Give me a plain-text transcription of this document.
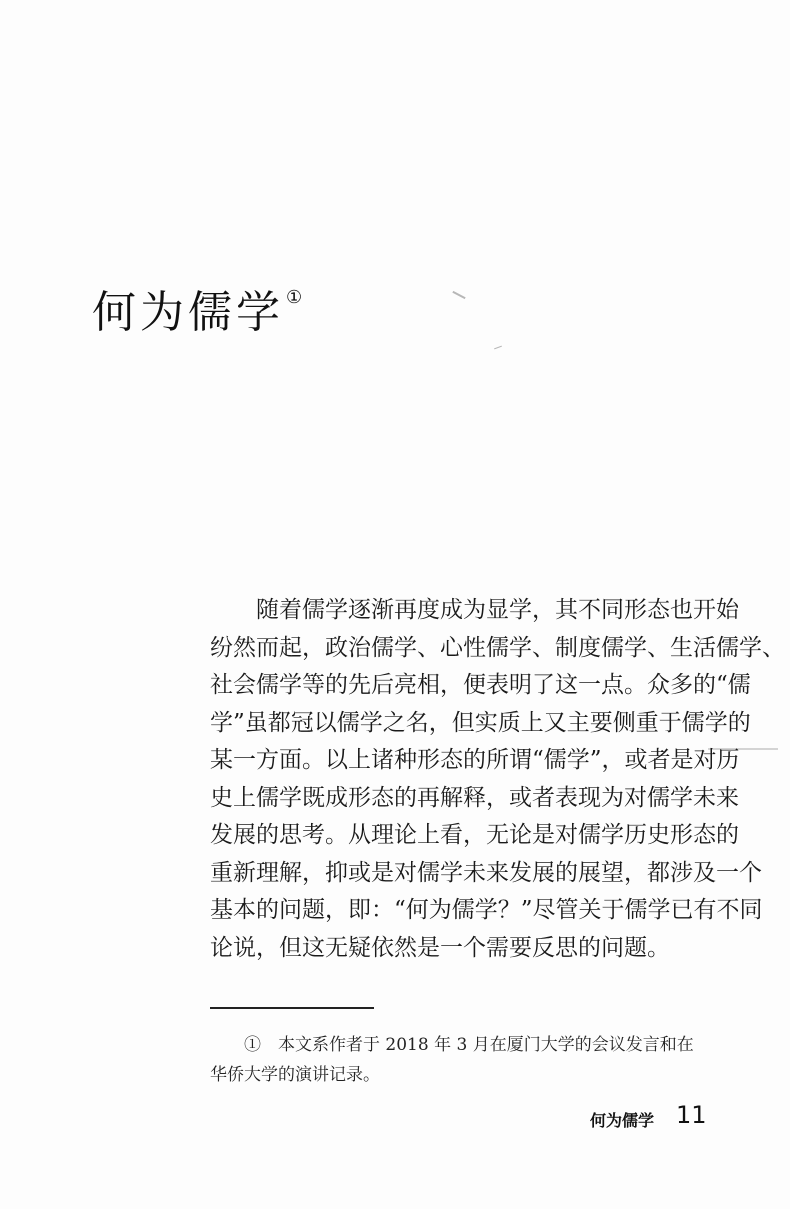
何为儒学 ①
随着儒学逐渐再度成为显学，其不同形态也开始
纷然而起，政治儒学、心性儒学、制度儒学、生活儒学、
社会儒学等的先后亮相，便表明了这一点。众多的“儒
学”虽都冠以儒学之名，但实质上又主要侧重于儒学的
某一方面。以上诸种形态的所谓“儒学”，或者是对历
史上儒学既成形态的再解释，或者表现为对儒学未来
发展的思考。从理论上看，无论是对儒学历史形态的
重新理解，抑或是对儒学未来发展的展望，都涉及一个
基本的问题，即：“何为儒学？”尽管关于儒学已有不同
论说，但这无疑依然是一个需要反思的问题。
①　本文系作者于 2018 年 3 月在厦门大学的会议发言和在
华侨大学的演讲记录。
何为儒学 11
